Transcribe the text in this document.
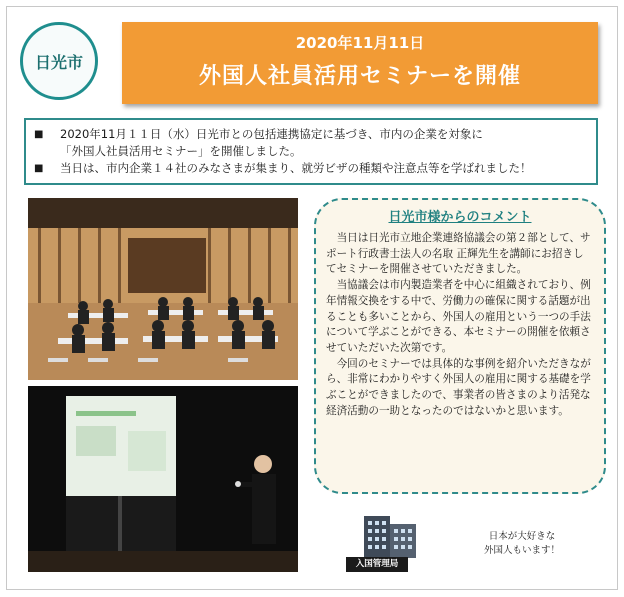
日光市
2020年11月11日
外国人社員活用セミナーを開催
■	2020年11月１１日（水）日光市との包括連携協定に基づき、市内の企業を対象に
「外国人社員活用セミナー」を開催しました。
■	当日は、市内企業１４社のみなさまが集まり、就労ビザの種類や注意点等を学ばれました！
日光市様からのコメント

当日は日光市立地企業連絡協議会の第２部として、サポート行政書士法人の名取 正輝先生を講師にお招きしてセミナーを開催させていただきました。

当協議会は市内製造業者を中心に組織されており、例年情報交換をする中で、労働力の確保に関する話題が出ることも多いことから、外国人の雇用という一つの手法について学ぶことができる、本セミナーの開催を依頼させていただいた次第です。

今回のセミナーでは具体的な事例を紹介いただきながら、非常にわかりやすく外国人の雇用に関する基礎を学ぶことができましたので、事業者の皆さまのより活発な経済活動の一助となったのではないかと思います。

入国管理局
日本が大好きな
外国人もいます！
